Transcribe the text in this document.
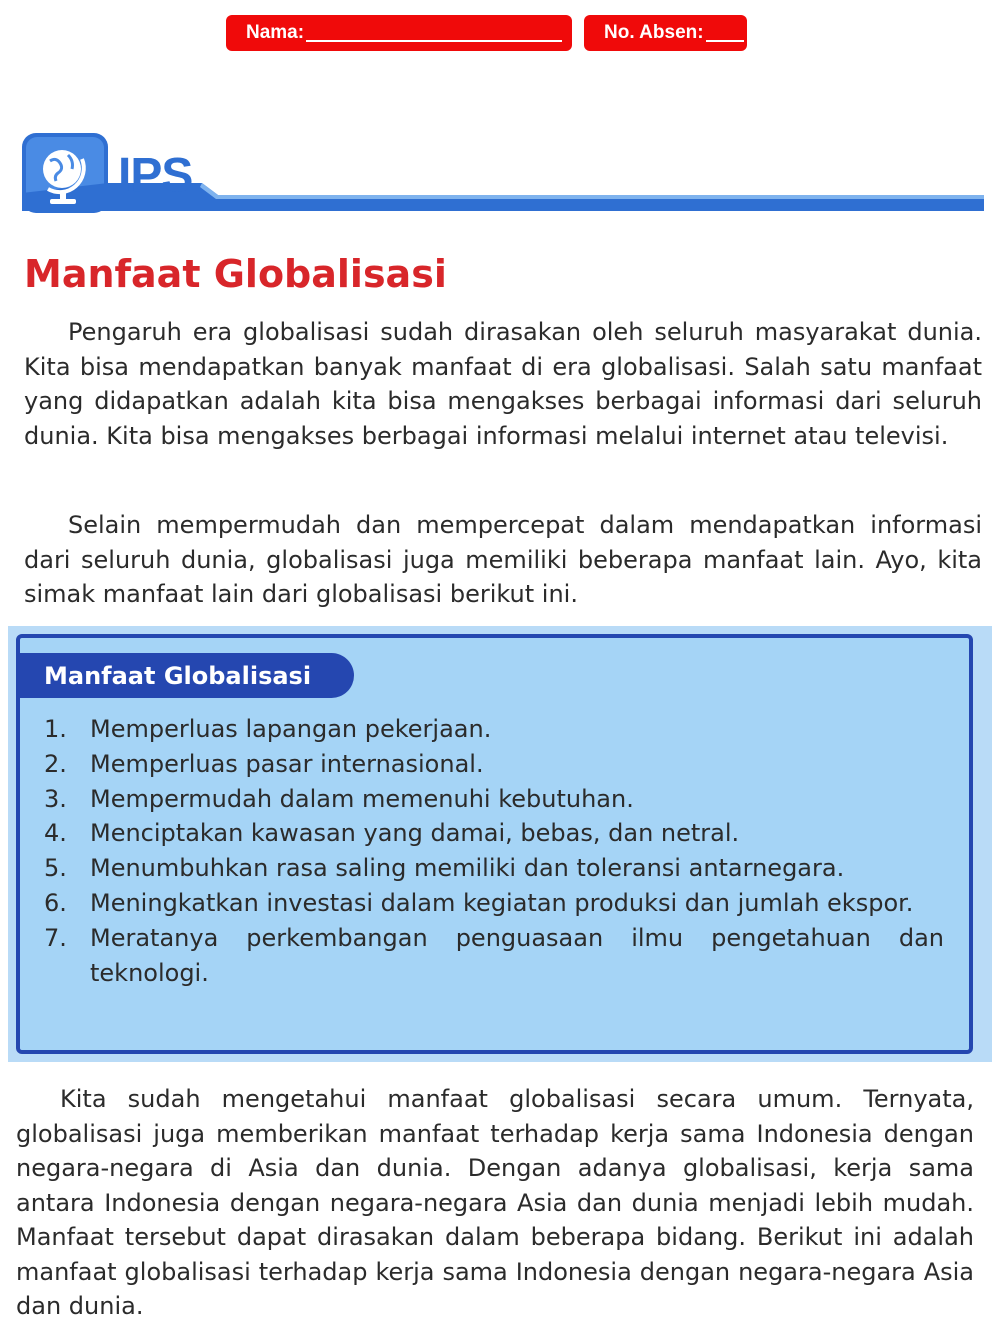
Nama:	No. Absen:
IPS
Manfaat Globalisasi

Pengaruh era globalisasi sudah dirasakan oleh seluruh masyarakat dunia. Kita bisa mendapatkan banyak manfaat di era globalisasi. Salah satu manfaat yang didapatkan adalah kita bisa mengakses berbagai informasi dari seluruh dunia. Kita bisa mengakses berbagai informasi melalui internet atau televisi.

Selain mempermudah dan mempercepat dalam mendapatkan informasi dari seluruh dunia, globalisasi juga memiliki beberapa manfaat lain. Ayo, kita simak manfaat lain dari globalisasi berikut ini.

Manfaat Globalisasi
1. Memperluas lapangan pekerjaan.
2. Memperluas pasar internasional.
3. Mempermudah dalam memenuhi kebutuhan.
4. Menciptakan kawasan yang damai, bebas, dan netral.
5. Menumbuhkan rasa saling memiliki dan toleransi antarnegara.
6. Meningkatkan investasi dalam kegiatan produksi dan jumlah ekspor.
7. Meratanya perkembangan penguasaan ilmu pengetahuan dan teknologi.

Kita sudah mengetahui manfaat globalisasi secara umum. Ternyata, globalisasi juga memberikan manfaat terhadap kerja sama Indonesia dengan negara-negara di Asia dan dunia. Dengan adanya globalisasi, kerja sama antara Indonesia dengan negara-negara Asia dan dunia menjadi lebih mudah. Manfaat tersebut dapat dirasakan dalam beberapa bidang. Berikut ini adalah manfaat globalisasi terhadap kerja sama Indonesia dengan negara-negara Asia dan dunia.
